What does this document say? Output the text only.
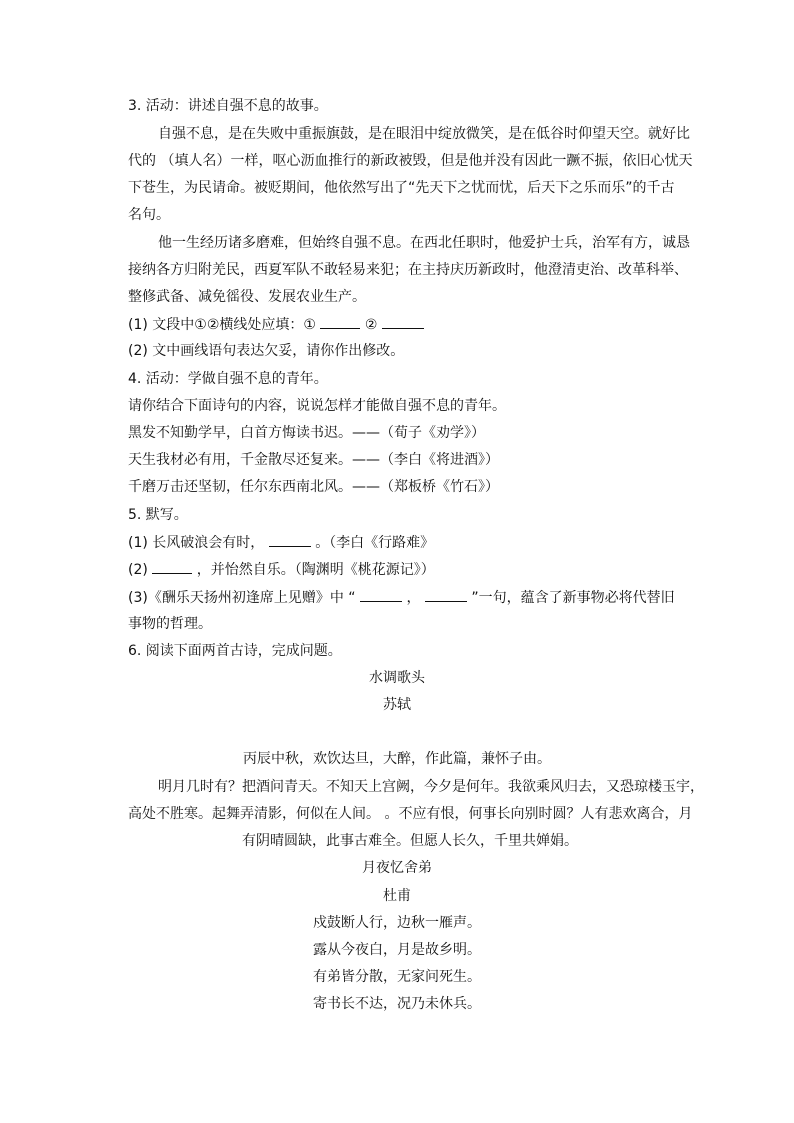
3. 活动：讲述自强不息的故事。
自强不息，是在失败中重振旗鼓，是在眼泪中绽放微笑，是在低谷时仰望天空。就好比
代的 （填人名）一样，呕心沥血推行的新政被毁，但是他并没有因此一蹶不振，依旧心忧天
下苍生，为民请命。被贬期间，他依然写出了“先天下之忧而忧，后天下之乐而乐”的千古
名句。
他一生经历诸多磨难，但始终自强不息。在西北任职时，他爱护士兵，治军有方，诚恳
接纳各方归附羌民，西夏军队不敢轻易来犯；在主持庆历新政时，他澄清吏治、改革科举、
整修武备、减免徭役、发展农业生产。
(1) 文段中①②横线处应填：①	②
(2) 文中画线语句表达欠妥，请你作出修改。
4. 活动：学做自强不息的青年。
请你结合下面诗句的内容，说说怎样才能做自强不息的青年。
黑发不知勤学早，白首方悔读书迟。——（荀子《劝学》）
天生我材必有用，千金散尽还复来。——（李白《将进酒》）
千磨万击还坚韧，任尔东西南北风。——（郑板桥《竹石》）
5. 默写。
(1) 长风破浪会有时，	。（李白《行路难》
(2)	，并怡然自乐。（陶渊明《桃花源记》）
(3)《酬乐天扬州初逢席上见赠》中 “	，	”一句，蕴含了新事物必将代替旧
事物的哲理。
6. 阅读下面两首古诗，完成问题。
水调歌头
苏轼
丙辰中秋，欢饮达旦，大醉，作此篇，兼怀子由。
明月几时有？把酒问青天。不知天上宫阙，今夕是何年。我欲乘风归去，又恐琼楼玉宇，
高处不胜寒。起舞弄清影，何似在人间。 。不应有恨，何事长向别时圆？人有悲欢离合，月
有阴晴圆缺，此事古难全。但愿人长久，千里共婵娟。
月夜忆舍弟
杜甫
戍鼓断人行，边秋一雁声。
露从今夜白，月是故乡明。
有弟皆分散，无家问死生。
寄书长不达，况乃未休兵。
